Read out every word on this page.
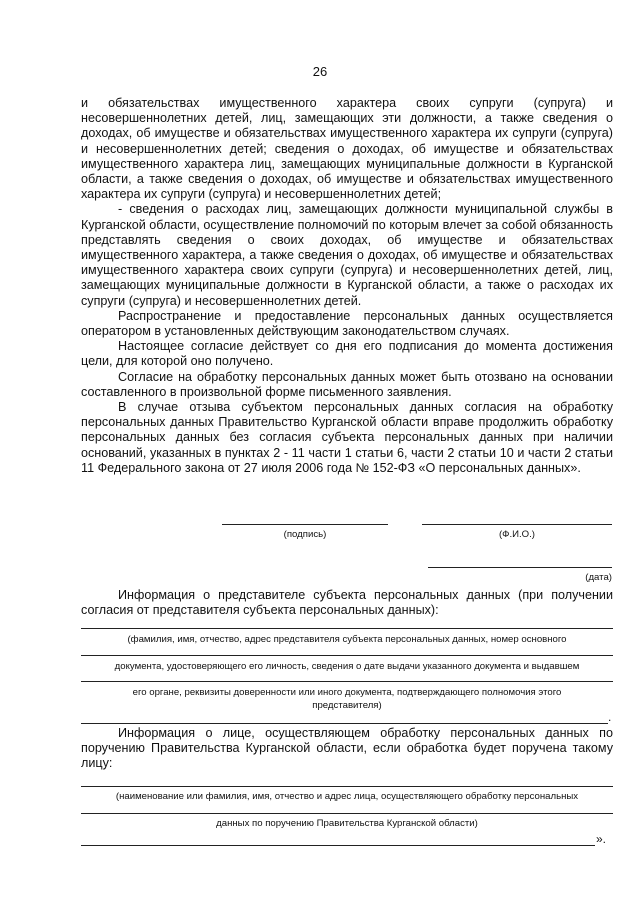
26

и обязательствах имущественного характера своих супруги (супруга) и несовершеннолетних детей, лиц, замещающих эти должности, а также сведения о доходах, об имуществе и обязательствах имущественного характера их супруги (супруга) и несовершеннолетних детей; сведения о доходах, об имуществе и обязательствах имущественного характера лиц, замещающих муниципальные должности в Курганской области, а также сведения о доходах, об имуществе и обязательствах имущественного характера их супруги (супруга) и несовершеннолетних детей;

- сведения о расходах лиц, замещающих должности муниципальной службы в Курганской области, осуществление полномочий по которым влечет за собой обязанность представлять сведения о своих доходах, об имуществе и обязательствах имущественного характера, а также сведения о доходах, об имуществе и обязательствах имущественного характера своих супруги (супруга) и несовершеннолетних детей, лиц, замещающих муниципальные должности в Курганской области, а также о расходах их супруги (супруга) и несовершеннолетних детей.

Распространение и предоставление персональных данных осуществляется оператором в установленных действующим законодательством случаях.

Настоящее согласие действует со дня его подписания до момента достижения цели, для которой оно получено.

Согласие на обработку персональных данных может быть отозвано на основании составленного в произвольной форме письменного заявления.

В случае отзыва субъектом персональных данных согласия на обработку персональных данных Правительство Курганской области вправе продолжить обработку персональных данных без согласия субъекта персональных данных при наличии оснований, указанных в пунктах 2 - 11 части 1 статьи 6, части 2 статьи 10 и части 2 статьи 11 Федерального закона от 27 июля 2006 года № 152-ФЗ «О персональных данных».

(подпись)	(Ф.И.О.)
(дата)

Информация о представителе субъекта персональных данных (при получении согласия от представителя субъекта персональных данных):

(фамилия, имя, отчество, адрес представителя субъекта персональных данных, номер основного
документа, удостоверяющего его личность, сведения о дате выдачи указанного документа и выдавшем
его органе, реквизиты доверенности или иного документа, подтверждающего полномочия этого
представителя)
.

Информация о лице, осуществляющем обработку персональных данных по поручению Правительства Курганской области, если обработка будет поручена такому лицу:

(наименование или фамилия, имя, отчество и адрес лица, осуществляющего обработку персональных
данных по поручению Правительства Курганской области)
».
